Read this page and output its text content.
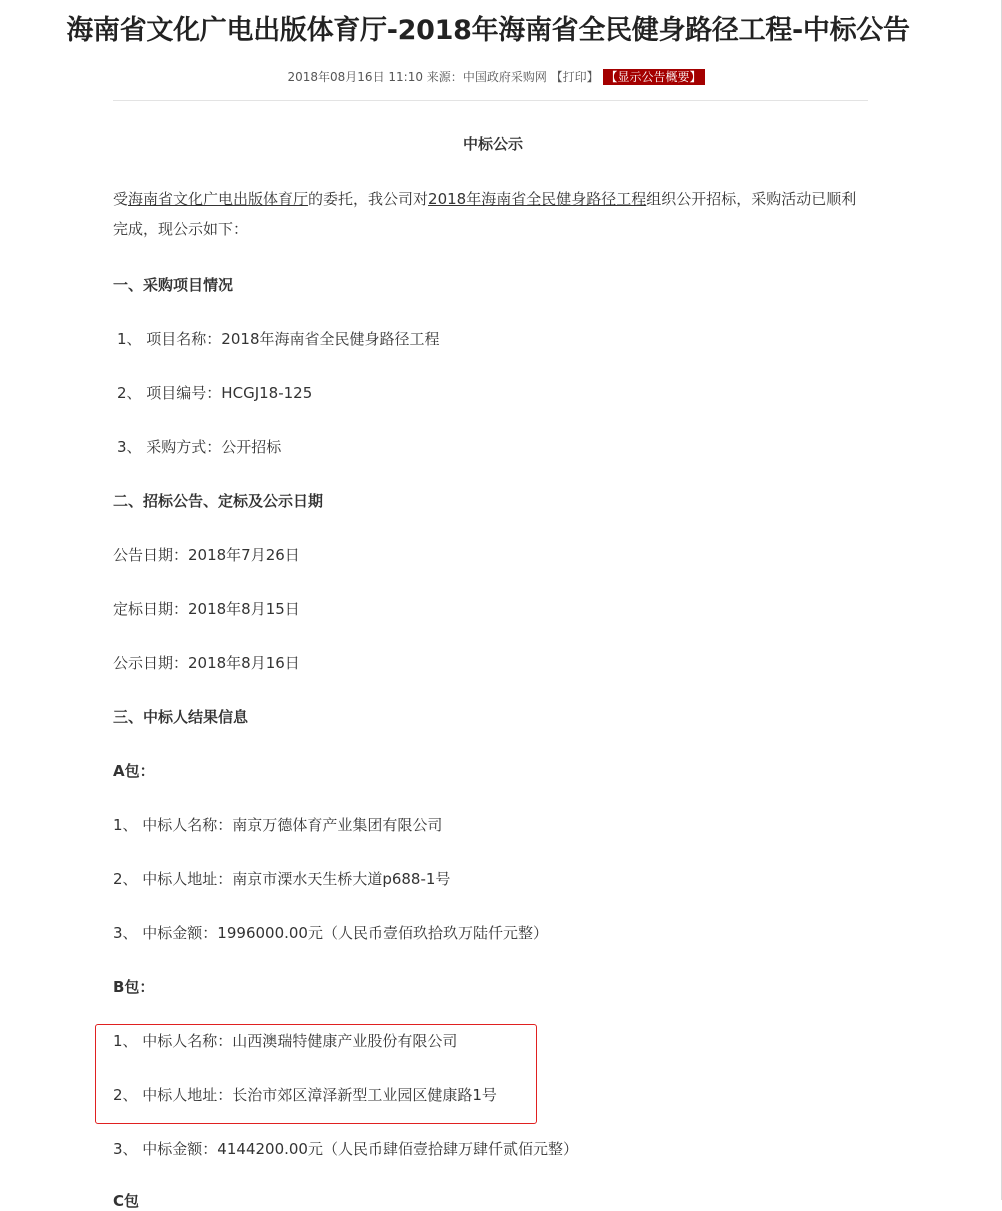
海南省文化广电出版体育厅-2018年海南省全民健身路径工程-中标公告
2018年08月16日 11:10 来源：中国政府采购网 【打印】 【显示公告概要】
中标公示
受海南省文化广电出版体育厅的委托，我公司对2018年海南省全民健身路径工程组织公开招标，采购活动已顺利完成，现公示如下：
一、采购项目情况
1、 项目名称：2018年海南省全民健身路径工程
2、 项目编号：HCGJ18-125
3、 采购方式：公开招标
二、招标公告、定标及公示日期
公告日期：2018年7月26日
定标日期：2018年8月15日
公示日期：2018年8月16日
三、中标人结果信息
A包：
1、 中标人名称：南京万德体育产业集团有限公司
2、 中标人地址：南京市溧水天生桥大道p688-1号
3、 中标金额：1996000.00元（人民币壹佰玖拾玖万陆仟元整）
B包：
1、 中标人名称：山西澳瑞特健康产业股份有限公司
2、 中标人地址：长治市郊区漳泽新型工业园区健康路1号
3、 中标金额：4144200.00元（人民币肆佰壹拾肆万肆仟贰佰元整）
C包
